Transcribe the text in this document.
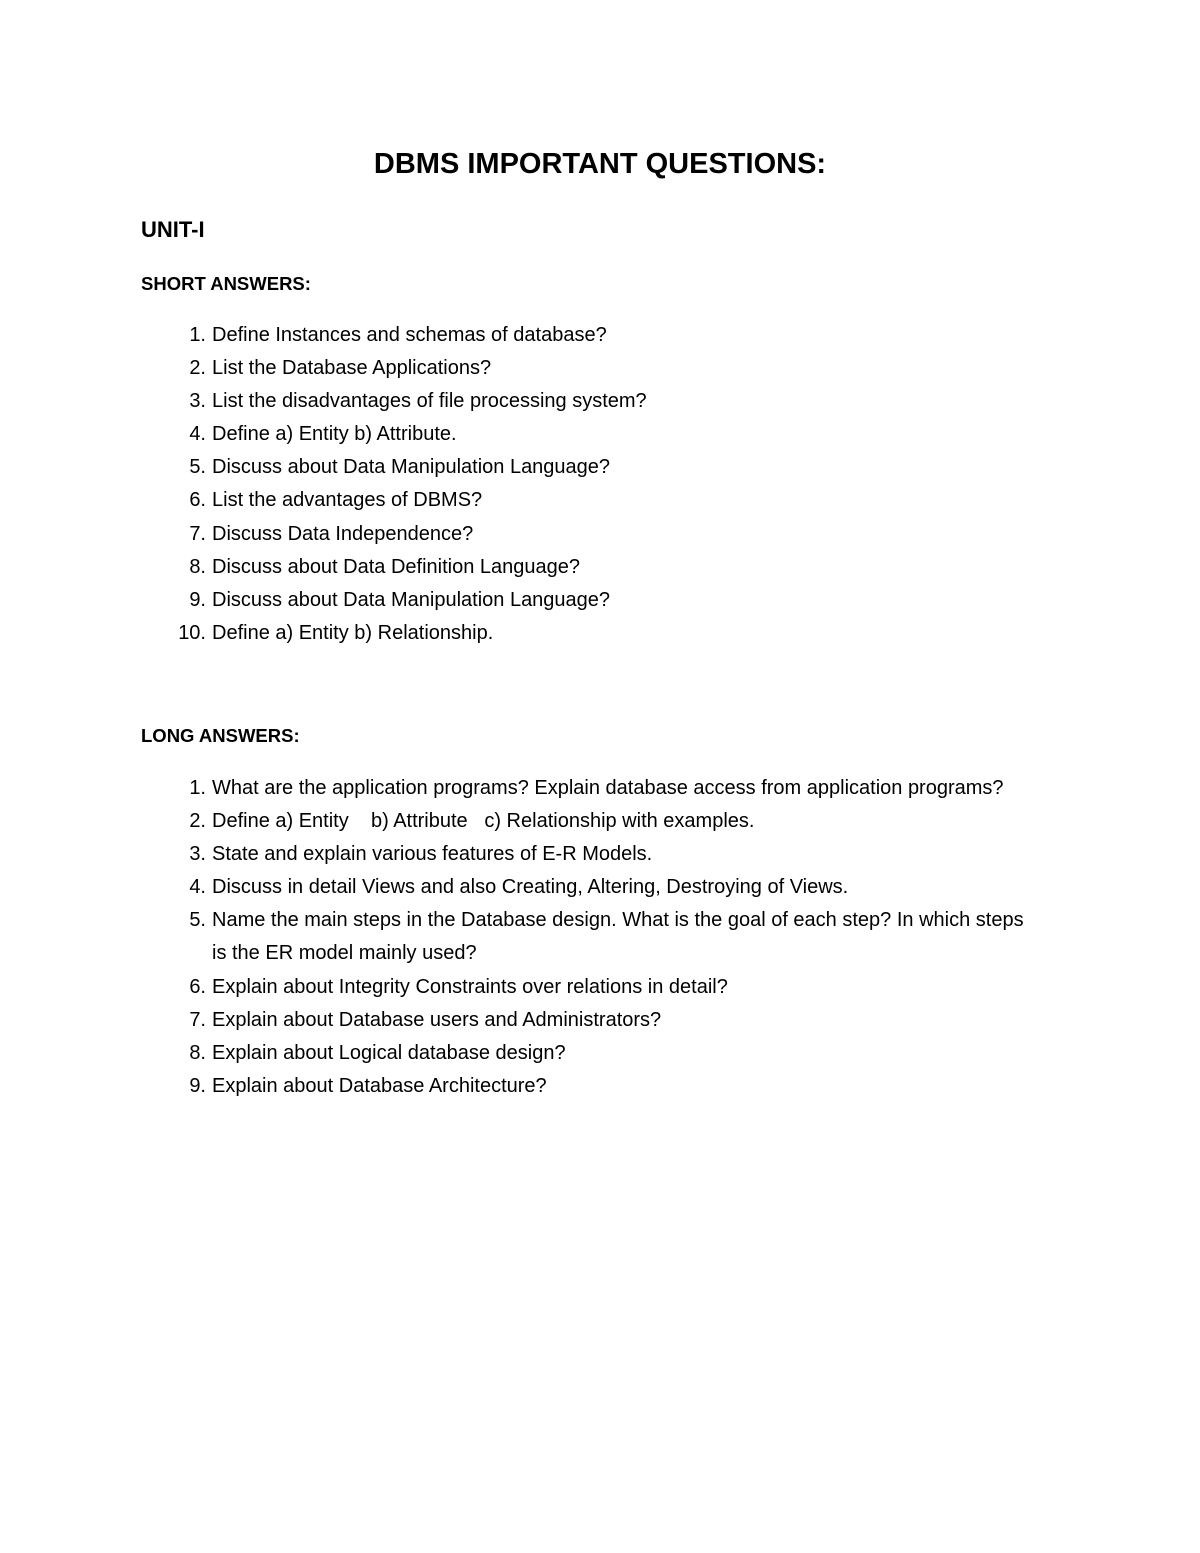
DBMS IMPORTANT QUESTIONS:
UNIT-I
SHORT ANSWERS:
1. Define Instances and schemas of database?
2. List the Database Applications?
3. List the disadvantages of file processing system?
4. Define a) Entity b) Attribute.
5. Discuss about Data Manipulation Language?
6. List the advantages of DBMS?
7. Discuss Data Independence?
8. Discuss about Data Definition Language?
9. Discuss about Data Manipulation Language?
10. Define a) Entity b) Relationship.
LONG ANSWERS:
1. What are the application programs? Explain database access from application programs?
2. Define a) Entity    b) Attribute   c) Relationship with examples.
3. State and explain various features of E-R Models.
4. Discuss in detail Views and also Creating, Altering, Destroying of Views.
5. Name the main steps in the Database design. What is the goal of each step? In which steps is the ER model mainly used?
6. Explain about Integrity Constraints over relations in detail?
7. Explain about Database users and Administrators?
8. Explain about Logical database design?
9. Explain about Database Architecture?
